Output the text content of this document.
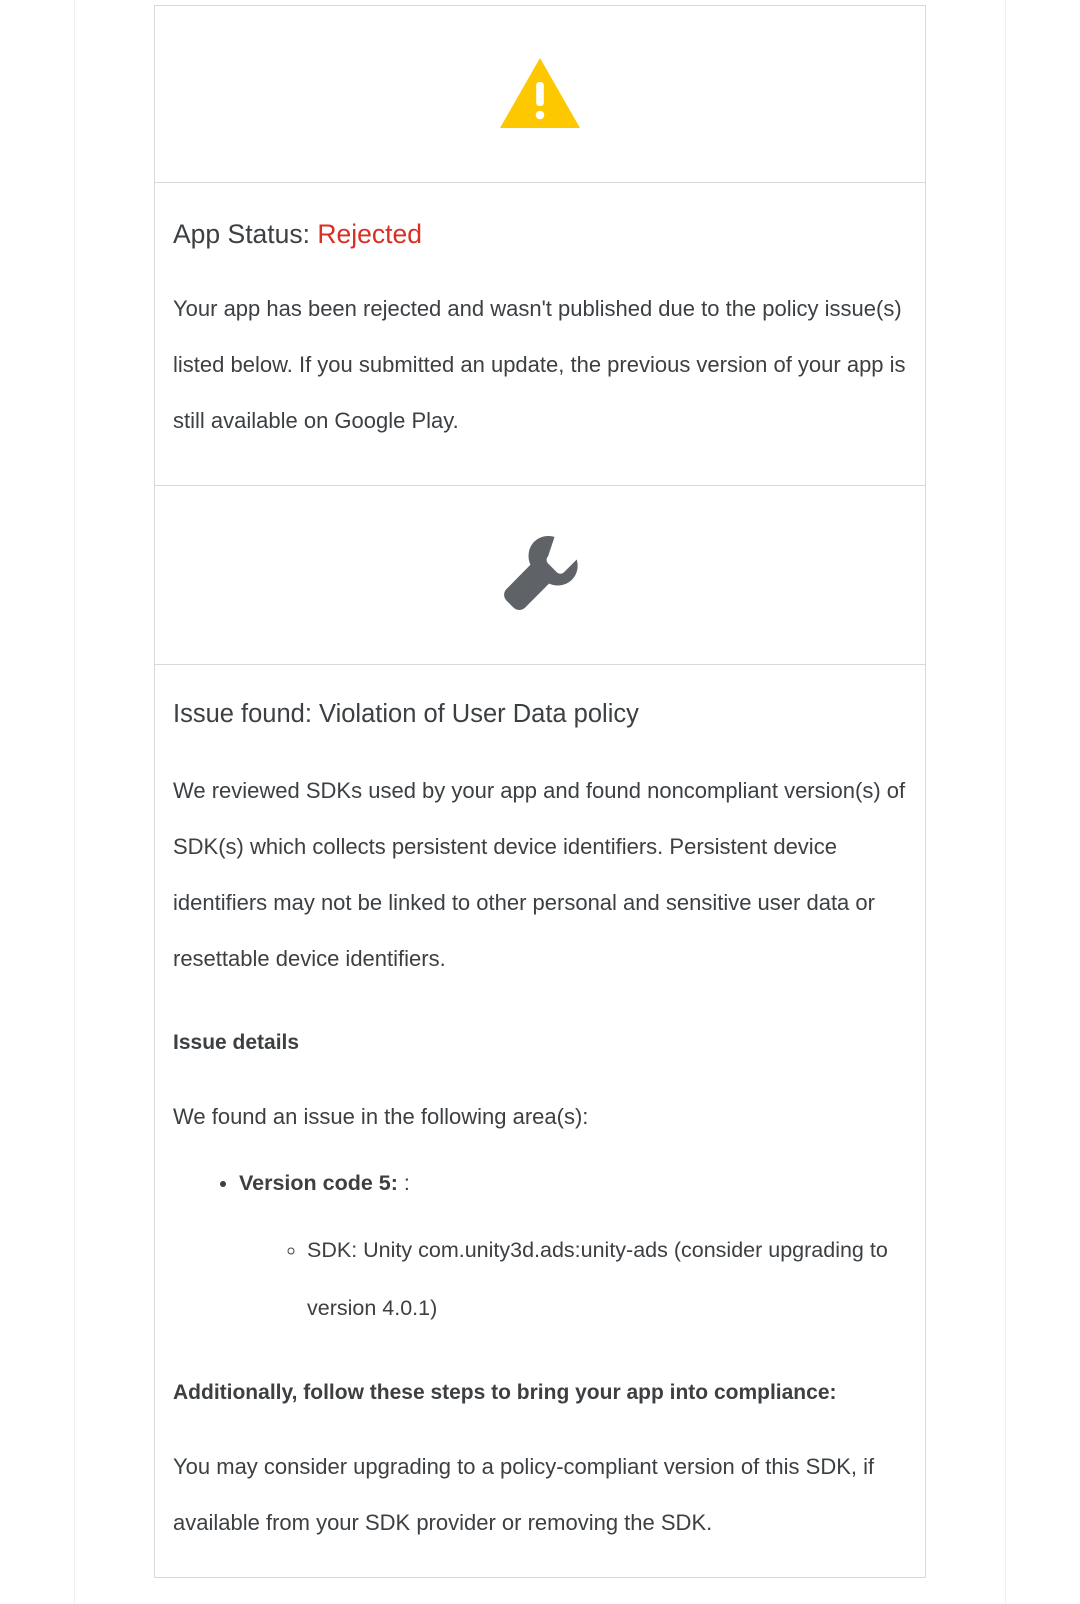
App Status: Rejected

Your app has been rejected and wasn't published due to the policy issue(s) listed below. If you submitted an update, the previous version of your app is still available on Google Play.

Issue found: Violation of User Data policy

We reviewed SDKs used by your app and found noncompliant version(s) of SDK(s) which collects persistent device identifiers. Persistent device identifiers may not be linked to other personal and sensitive user data or resettable device identifiers.

Issue details

We found an issue in the following area(s):

• Version code 5: :
◦ SDK: Unity com.unity3d.ads:unity-ads (consider upgrading to version 4.0.1)

Additionally, follow these steps to bring your app into compliance:

You may consider upgrading to a policy-compliant version of this SDK, if available from your SDK provider or removing the SDK.
